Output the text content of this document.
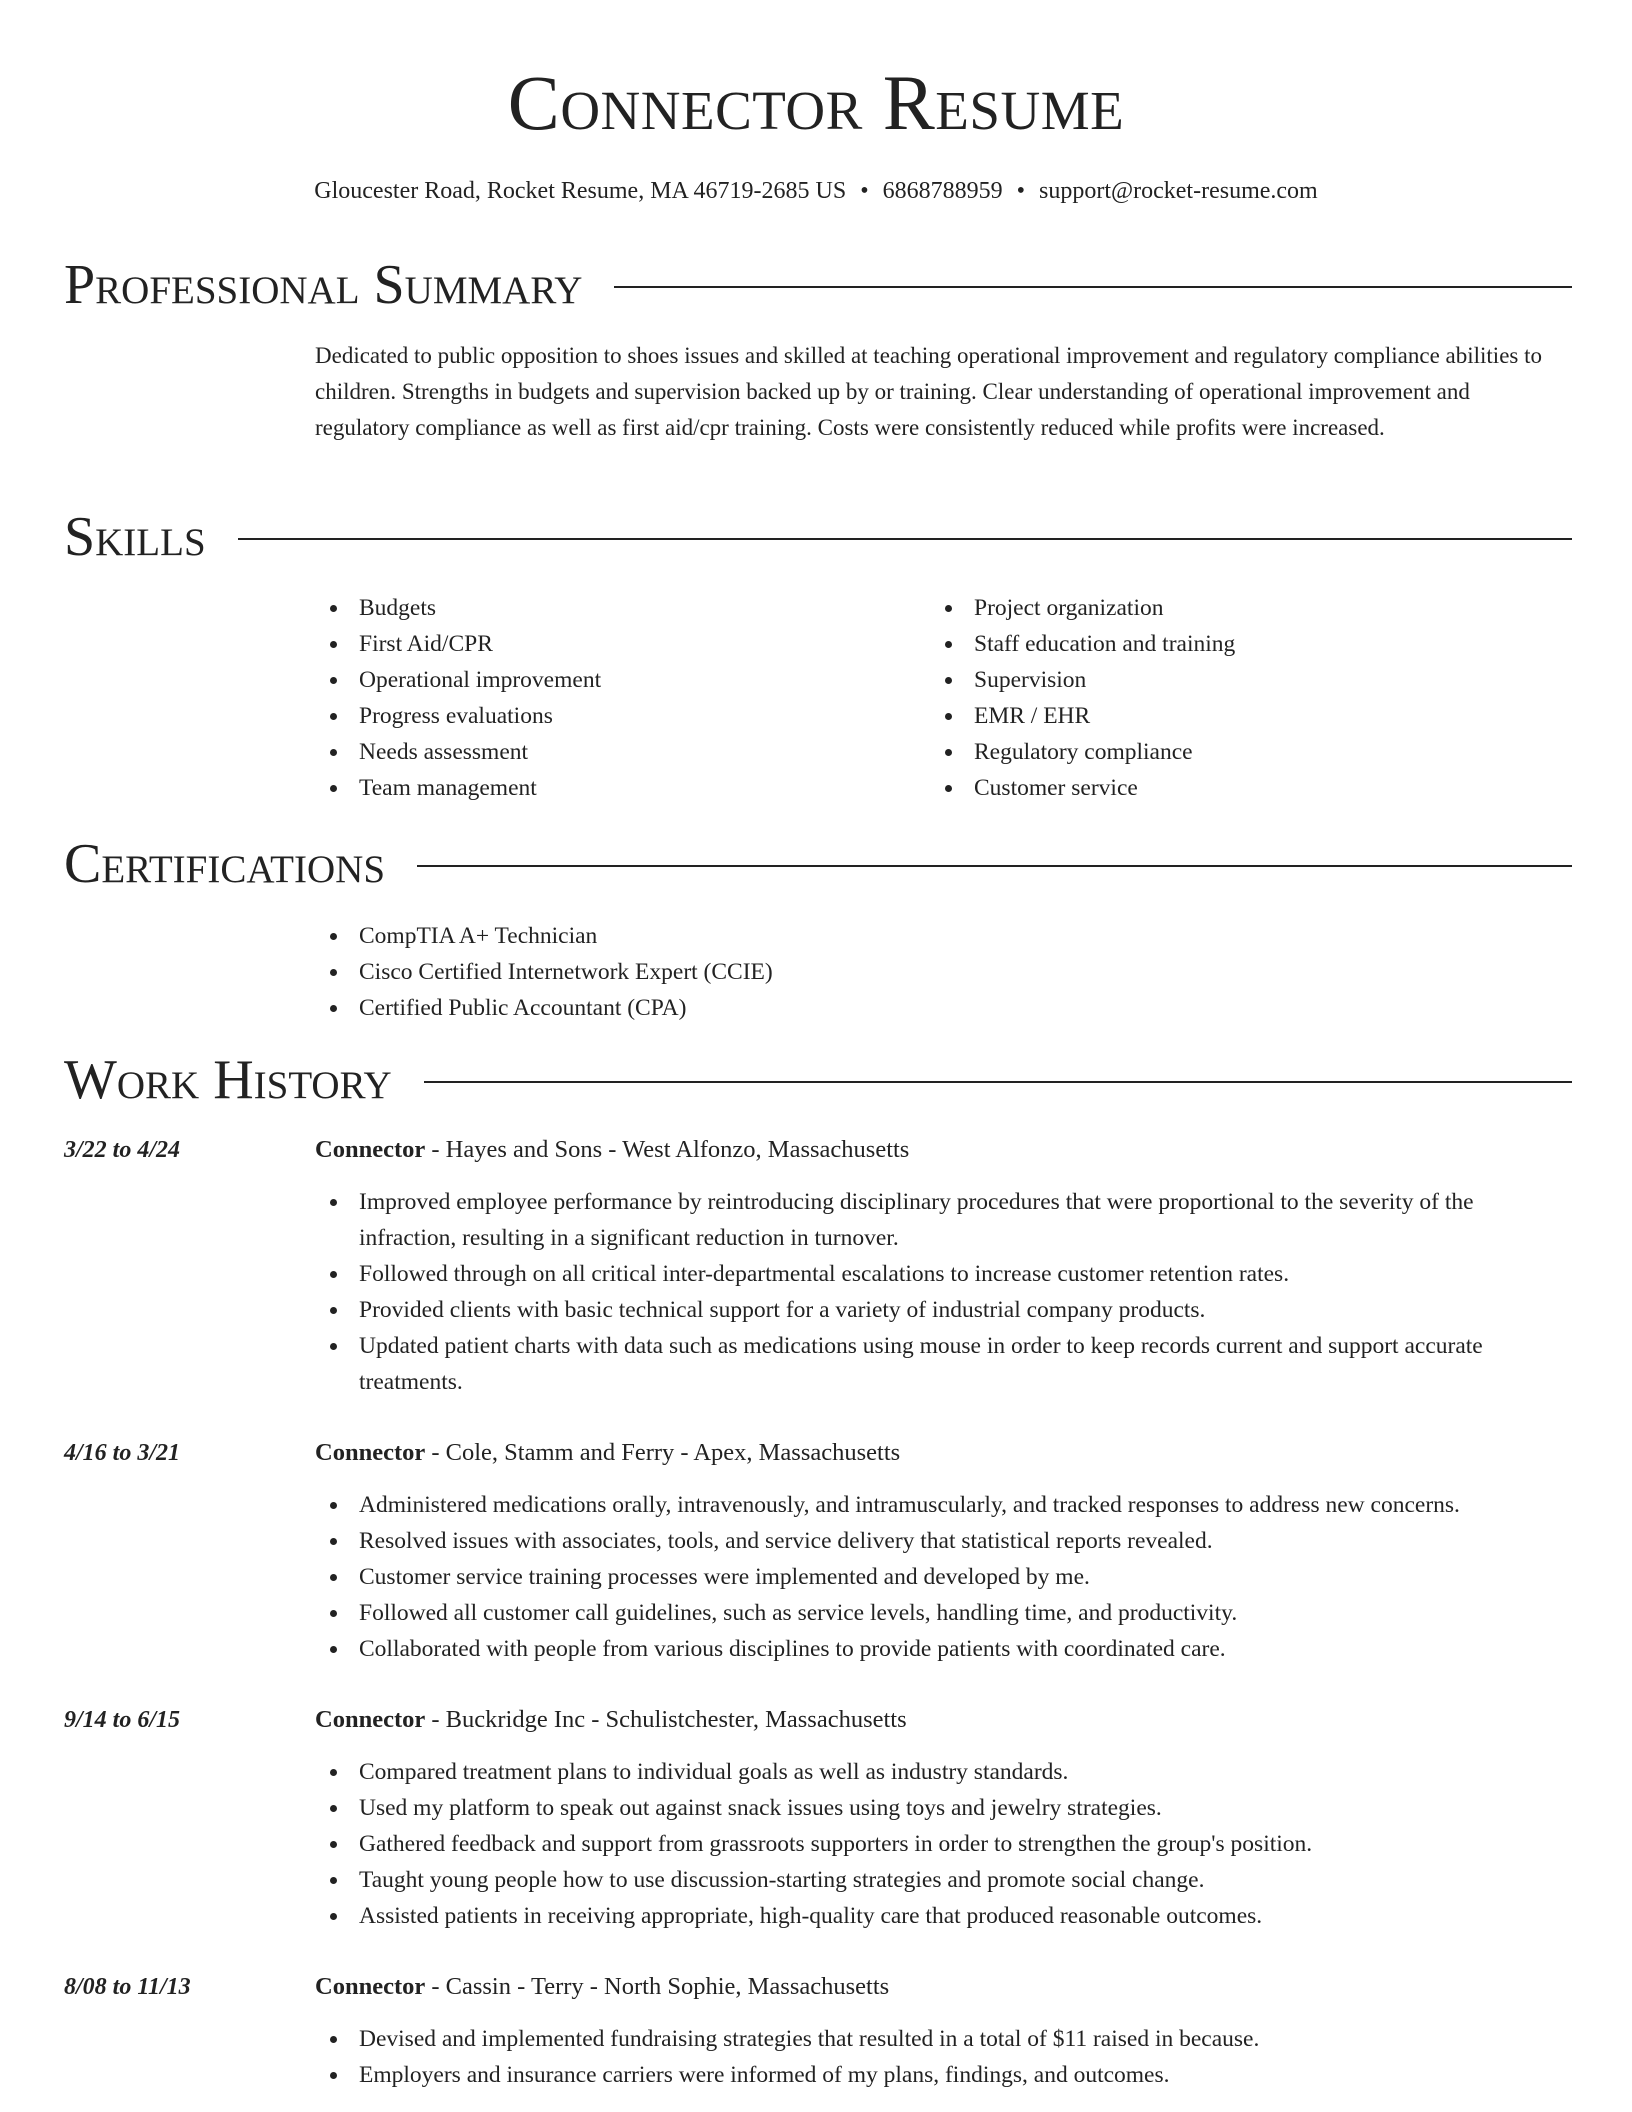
Connector Resume
Gloucester Road, Rocket Resume, MA 46719-2685 US • 6868788959 • support@rocket-resume.com
Professional Summary
Dedicated to public opposition to shoes issues and skilled at teaching operational improvement and regulatory compliance abilities to children. Strengths in budgets and supervision backed up by or training. Clear understanding of operational improvement and regulatory compliance as well as first aid/cpr training. Costs were consistently reduced while profits were increased.
Skills
Budgets
First Aid/CPR
Operational improvement
Progress evaluations
Needs assessment
Team management
Project organization
Staff education and training
Supervision
EMR / EHR
Regulatory compliance
Customer service
Certifications
CompTIA A+ Technician
Cisco Certified Internetwork Expert (CCIE)
Certified Public Accountant (CPA)
Work History
3/22 to 4/24	Connector - Hayes and Sons - West Alfonzo, Massachusetts
Improved employee performance by reintroducing disciplinary procedures that were proportional to the severity of the infraction, resulting in a significant reduction in turnover.
Followed through on all critical inter-departmental escalations to increase customer retention rates.
Provided clients with basic technical support for a variety of industrial company products.
Updated patient charts with data such as medications using mouse in order to keep records current and support accurate treatments.
4/16 to 3/21	Connector - Cole, Stamm and Ferry - Apex, Massachusetts
Administered medications orally, intravenously, and intramuscularly, and tracked responses to address new concerns.
Resolved issues with associates, tools, and service delivery that statistical reports revealed.
Customer service training processes were implemented and developed by me.
Followed all customer call guidelines, such as service levels, handling time, and productivity.
Collaborated with people from various disciplines to provide patients with coordinated care.
9/14 to 6/15	Connector - Buckridge Inc - Schulistchester, Massachusetts
Compared treatment plans to individual goals as well as industry standards.
Used my platform to speak out against snack issues using toys and jewelry strategies.
Gathered feedback and support from grassroots supporters in order to strengthen the group's position.
Taught young people how to use discussion-starting strategies and promote social change.
Assisted patients in receiving appropriate, high-quality care that produced reasonable outcomes.
8/08 to 11/13	Connector - Cassin - Terry - North Sophie, Massachusetts
Devised and implemented fundraising strategies that resulted in a total of $11 raised in because.
Employers and insurance carriers were informed of my plans, findings, and outcomes.
